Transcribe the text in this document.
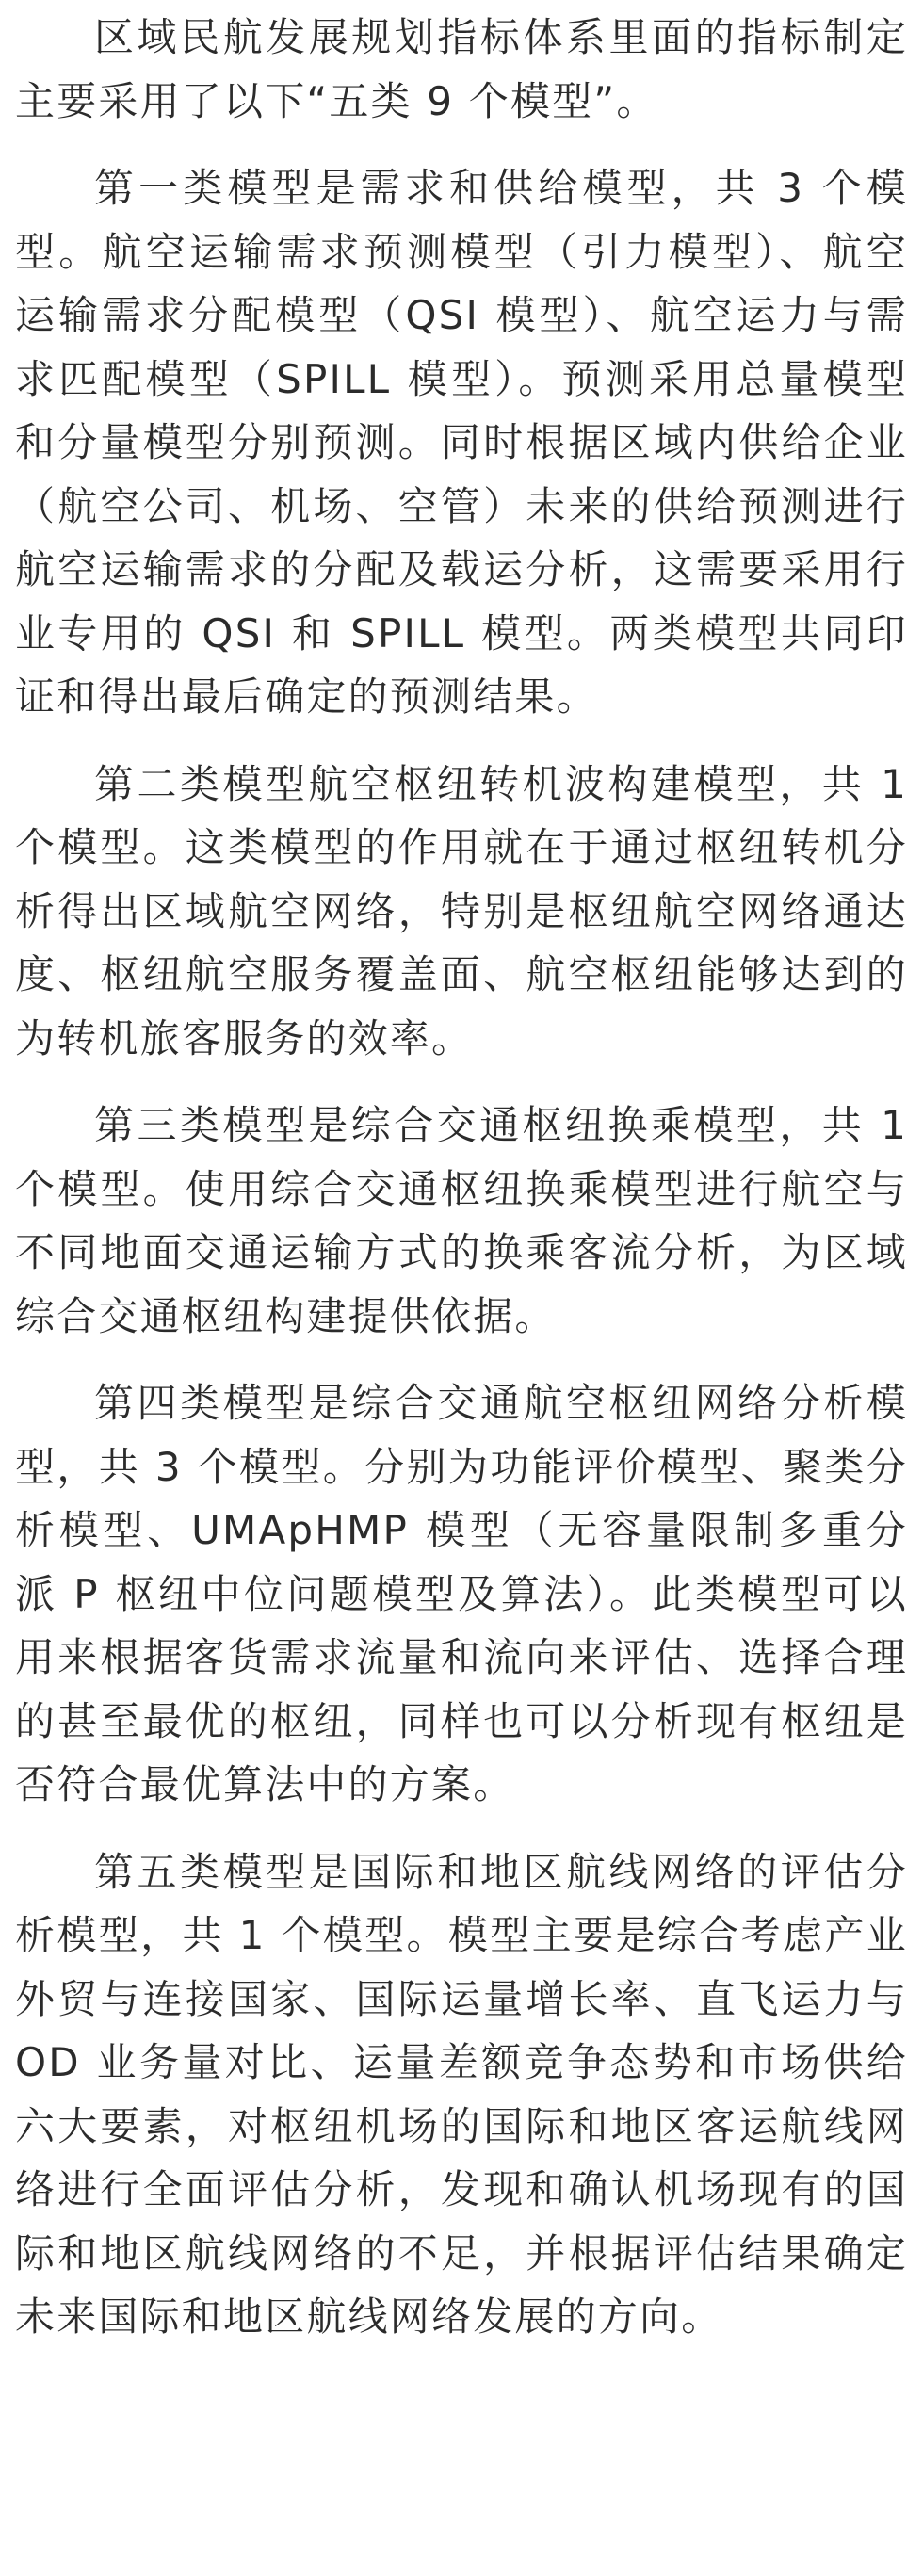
区域民航发展规划指标体系里面的指标制定主要采用了以下“五类 9 个模型”。

第一类模型是需求和供给模型，共 3 个模型。航空运输需求预测模型（引力模型）、航空运输需求分配模型（QSI 模型）、航空运力与需求匹配模型（SPILL 模型）。预测采用总量模型和分量模型分别预测。同时根据区域内供给企业（航空公司、机场、空管）未来的供给预测进行航空运输需求的分配及载运分析，这需要采用行业专用的 QSI 和 SPILL 模型。两类模型共同印证和得出最后确定的预测结果。

第二类模型航空枢纽转机波构建模型，共 1 个模型。这类模型的作用就在于通过枢纽转机分析得出区域航空网络，特别是枢纽航空网络通达度、枢纽航空服务覆盖面、航空枢纽能够达到的为转机旅客服务的效率。

第三类模型是综合交通枢纽换乘模型，共 1 个模型。使用综合交通枢纽换乘模型进行航空与不同地面交通运输方式的换乘客流分析，为区域综合交通枢纽构建提供依据。

第四类模型是综合交通航空枢纽网络分析模型，共 3 个模型。分别为功能评价模型、聚类分析模型、UMApHMP 模型（无容量限制多重分派 P 枢纽中位问题模型及算法）。此类模型可以用来根据客货需求流量和流向来评估、选择合理的甚至最优的枢纽，同样也可以分析现有枢纽是否符合最优算法中的方案。

第五类模型是国际和地区航线网络的评估分析模型，共 1 个模型。模型主要是综合考虑产业外贸与连接国家、国际运量增长率、直飞运力与 OD 业务量对比、运量差额竞争态势和市场供给六大要素，对枢纽机场的国际和地区客运航线网络进行全面评估分析，发现和确认机场现有的国际和地区航线网络的不足，并根据评估结果确定未来国际和地区航线网络发展的方向。
